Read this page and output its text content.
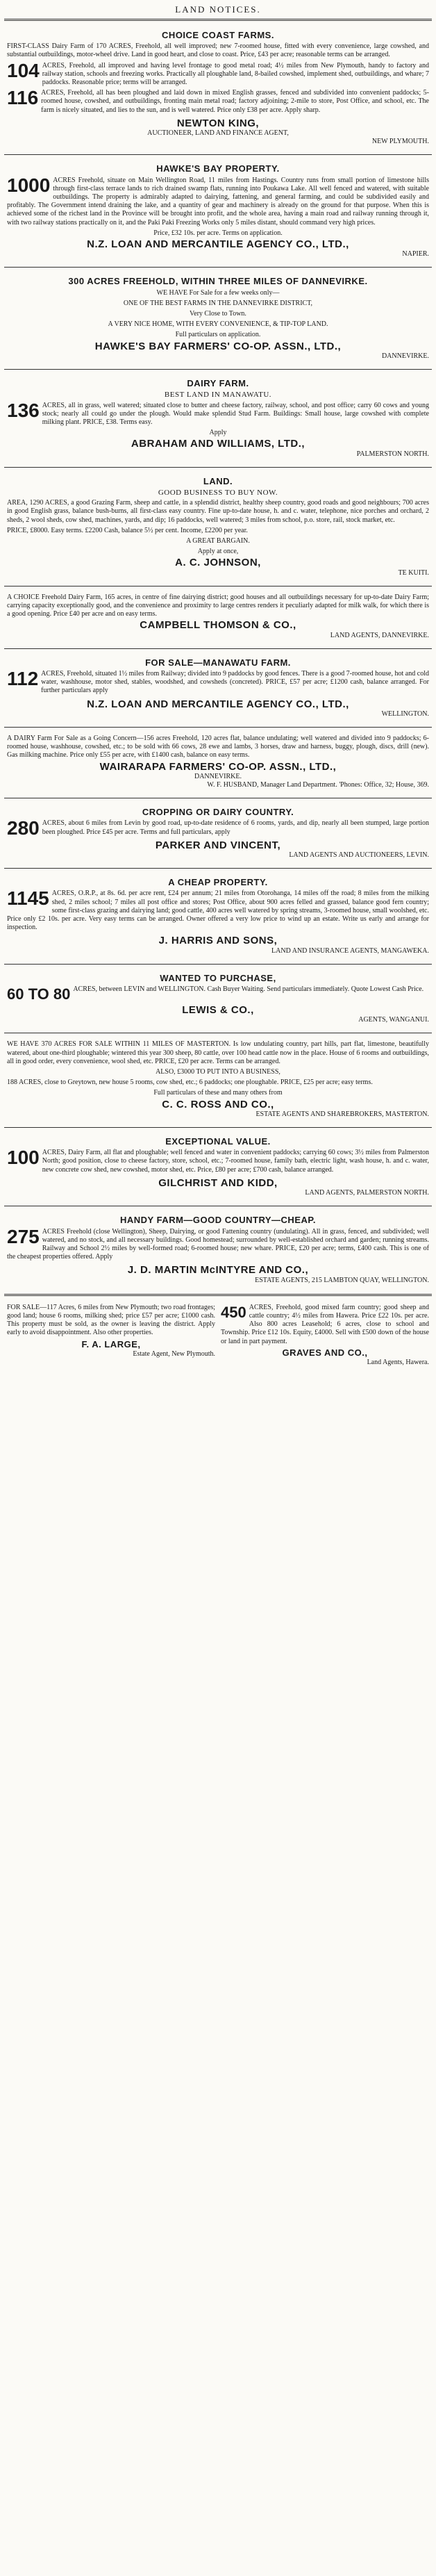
LAND NOTICES.
CHOICE COAST FARMS.

FIRST-CLASS Dairy Farm of 170 ACRES, Freehold, all well improved; new 7-roomed house, fitted with every convenience, large cowshed, and substantial outbuildings, motor-wheel drive. Land in good heart, and close to coast. Price, £43 per acre; reasonable terms can be arranged.

104 ACRES, Freehold, all improved and having level frontage to good metal road; 4½ miles from New Plymouth, handy to factory and railway station, schools and freezing works. Practically all ploughable land, 8-bailed cowshed, implement shed, outbuildings, and whare; 7 paddocks. Reasonable price; terms will be arranged.

116 ACRES, Freehold, all has been ploughed and laid down in mixed English grasses, fenced and subdivided into convenient paddocks; 5-roomed house, cowshed, and outbuildings, fronting main metal road; factory adjoining; 2-mile to store, Post Office, and school, etc. The farm is nicely situated, and lies to the sun, and is well watered. Price only £38 per acre. Apply sharp.

NEWTON KING,
AUCTIONEER, LAND AND FINANCE AGENT,
NEW PLYMOUTH.
HAWKE'S BAY PROPERTY.

1000 ACRES Freehold, situate on Main Wellington Road, 11 miles from Hastings. Country runs from small portion of limestone hills through first-class terrace lands to rich drained swamp flats, running into Poukawa Lake. All well fenced and watered, with suitable outbuildings. The property is admirably adapted to dairying, fattening, and general farming, and could be subdivided easily and profitably. The Government intend draining the lake, and a quantity of gear and machinery is already on the ground for that purpose. When this is achieved some of the richest land in the Province will be brought into profit, and the whole area, having a main road and railway running through it, with two railway stations practically on it, and the Paki Paki Freezing Works only 5 miles distant, should command very high prices.

Price, £32 10s. per acre. Terms on application.

N.Z. LOAN AND MERCANTILE AGENCY CO., LTD.,
NAPIER.
300 ACRES FREEHOLD, WITHIN THREE MILES OF DANNEVIRKE.

WE HAVE For Sale for a few weeks only—

ONE OF THE BEST FARMS IN THE DANNEVIRKE DISTRICT,

Very Close to Town.

A VERY NICE HOME, WITH EVERY CONVENIENCE, & TIP-TOP LAND.

Full particulars on application.

HAWKE'S BAY FARMERS' CO-OP. ASSN., LTD.,
DANNEVIRKE.
DAIRY FARM.
BEST LAND IN MANAWATU.

136 ACRES, all in grass, well watered; situated close to butter and cheese factory, railway, school, and post office; carry 60 cows and young stock; nearly all could go under the plough. Would make splendid Stud Farm. Buildings: Small house, large cowshed with complete milking plant. PRICE, £38. Terms easy.

Apply

ABRAHAM AND WILLIAMS, LTD.,
PALMERSTON NORTH.
LAND.
GOOD BUSINESS TO BUY NOW.

AREA, 1290 ACRES, a good Grazing Farm, sheep and cattle, in a splendid district, healthy sheep country, good roads and good neighbours; 700 acres in good English grass, balance bush-burns, all first-class easy country. Fine up-to-date house, h. and c. water, telephone, nice porches and orchard, 2 sheds, 2 wool sheds, cow shed, machines, yards, and dip; 16 paddocks, well watered; 3 miles from school, p.o. store, rail, stock market, etc.

PRICE, £8000. Easy terms. £2200 Cash, balance 5½ per cent. Income, £2200 per year.

A GREAT BARGAIN.

Apply at once,

A. C. JOHNSON,
TE KUITI.

A CHOICE Freehold Dairy Farm, 165 acres, in centre of fine dairying district; good houses and all outbuildings necessary for up-to-date Dairy Farm; carrying capacity exceptionally good, and the convenience and proximity to large centres renders it peculiarly adapted for milk walk, for which there is a good opening. Price £40 per acre and on easy terms.

CAMPBELL THOMSON & CO.,
LAND AGENTS, DANNEVIRKE.
FOR SALE—MANAWATU FARM.

112 ACRES, Freehold, situated 1½ miles from Railway; divided into 9 paddocks by good fences. There is a good 7-roomed house, hot and cold water, washhouse, motor shed, stables, woodshed, and cowsheds (concreted). PRICE, £57 per acre; £1200 cash, balance arranged. For further particulars apply

N.Z. LOAN AND MERCANTILE AGENCY CO., LTD.,
WELLINGTON.

A DAIRY Farm For Sale as a Going Concern—156 acres Freehold, 120 acres flat, balance undulating; well watered and divided into 9 paddocks; 6-roomed house, washhouse, cowshed, etc.; to be sold with 66 cows, 28 ewe and lambs, 3 horses, draw and harness, buggy, plough, discs, drill (new). Gas milking machine. Price only £55 per acre, with £1400 cash, balance on easy terms.

WAIRARAPA FARMERS' CO-OP. ASSN., LTD.,
DANNEVIRKE.
W. F. HUSBAND, Manager Land Department. 'Phones: Office, 32; House, 369.
CROPPING OR DAIRY COUNTRY.

280 ACRES, about 6 miles from Levin by good road, up-to-date residence of 6 rooms, yards, and dip, nearly all been stumped, large portion been ploughed. Price £45 per acre. Terms and full particulars, apply

PARKER AND VINCENT,
LAND AGENTS AND AUCTIONEERS, LEVIN.
A CHEAP PROPERTY.

1145 ACRES, O.R.P., at 8s. 6d. per acre rent, £24 per annum; 21 miles from Otorohanga, 14 miles off the road; 8 miles from the milking shed, 2 miles school; 7 miles all post office and stores; Post Office, about 900 acres felled and grassed, balance good fern country; some first-class grazing and dairying land; good cattle, 400 acres well watered by spring streams, 3-roomed house, small woolshed, etc. Price only £2 10s. per acre. Very easy terms can be arranged. Owner offered a very low price to wind up an estate. Write us early and arrange for inspection.

J. HARRIS AND SONS,
LAND AND INSURANCE AGENTS, MANGAWEKA.
WANTED TO PURCHASE,

60 TO 80 ACRES, between LEVIN and WELLINGTON. Cash Buyer Waiting. Send particulars immediately. Quote Lowest Cash Price.

LEWIS & CO.,
AGENTS, WANGANUI.

WE HAVE 370 ACRES FOR SALE WITHIN 11 MILES OF MASTERTON. Is low undulating country, part hills, part flat, limestone, beautifully watered, about one-third ploughable; wintered this year 300 sheep, 80 cattle, over 100 head cattle now in the place. House of 6 rooms and outbuildings, all in good order, every convenience, wool shed, etc. PRICE, £20 per acre. Terms can be arranged.

ALSO, £3000 TO PUT INTO A BUSINESS,

188 ACRES, close to Greytown, new house 5 rooms, cow shed, etc.; 6 paddocks; one ploughable. PRICE, £25 per acre; easy terms.

Full particulars of these and many others from

C. C. ROSS AND CO.,
ESTATE AGENTS AND SHAREBROKERS, MASTERTON.
EXCEPTIONAL VALUE.

100 ACRES, Dairy Farm, all flat and ploughable; well fenced and water in convenient paddocks; carrying 60 cows; 3½ miles from Palmerston North; good position, close to cheese factory, store, school, etc.; 7-roomed house, family bath, electric light, wash house, h. and c. water, new concrete cow shed, new cowshed, motor shed, etc. Price, £80 per acre; £700 cash, balance arranged.

GILCHRIST AND KIDD,
LAND AGENTS, PALMERSTON NORTH.
HANDY FARM—GOOD COUNTRY—CHEAP.

275 ACRES Freehold (close Wellington), Sheep, Dairying, or good Fattening country (undulating). All in grass, fenced, and subdivided; well watered, and no stock, and all necessary buildings. Good homestead; surrounded by well-established orchard and garden; running streams. Railway and School 2½ miles by well-formed road; 6-roomed house; new whare. PRICE, £20 per acre; terms, £400 cash. This is one of the cheapest properties offered. Apply

J. D. MARTIN McINTYRE AND CO.,
ESTATE AGENTS, 215 LAMBTON QUAY, WELLINGTON.

FOR SALE—117 Acres, 6 miles from New Plymouth; two road frontages; good land; house 6 rooms, milking shed; price £57 per acre; £1000 cash. This property must be sold, as the owner is leaving the district. Apply early to avoid disappointment. Also other properties.

F. A. LARGE,
Estate Agent, New Plymouth.

450 ACRES, Freehold, good mixed farm country; good sheep and cattle country; 4½ miles from Hawera. Price £22 10s. per acre. Also 800 acres Leasehold; 6 acres, close to school and Township. Price £12 10s. Equity, £4000. Sell with £500 down of the house or land in part payment.

GRAVES AND CO.,
Land Agents, Hawera.
